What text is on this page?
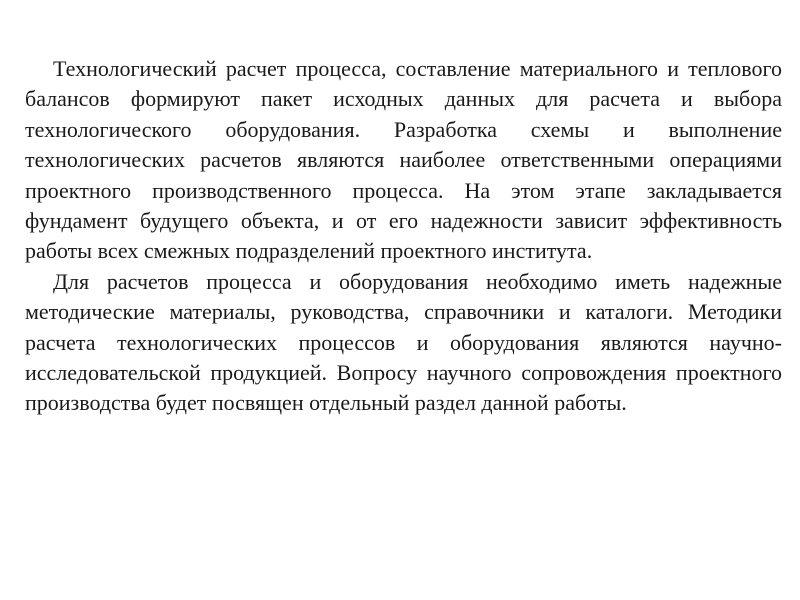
Технологический расчет процесса, составление материального и теплового балансов формируют пакет исходных данных для расчета и выбора технологического оборудования. Разработка схемы и выполнение технологических расчетов являются наиболее ответственными операциями проектного производственного процесса. На этом этапе закладывается фундамент будущего объекта, и от его надежности зависит эффективность работы всех смежных подразделений проектного института.

Для расчетов процесса и оборудования необходимо иметь надежные методические материалы, руководства, справочники и каталоги. Методики расчета технологических процессов и оборудования являются научно-исследовательской продукцией. Вопросу научного сопровождения проектного производства будет посвящен отдельный раздел данной работы.
